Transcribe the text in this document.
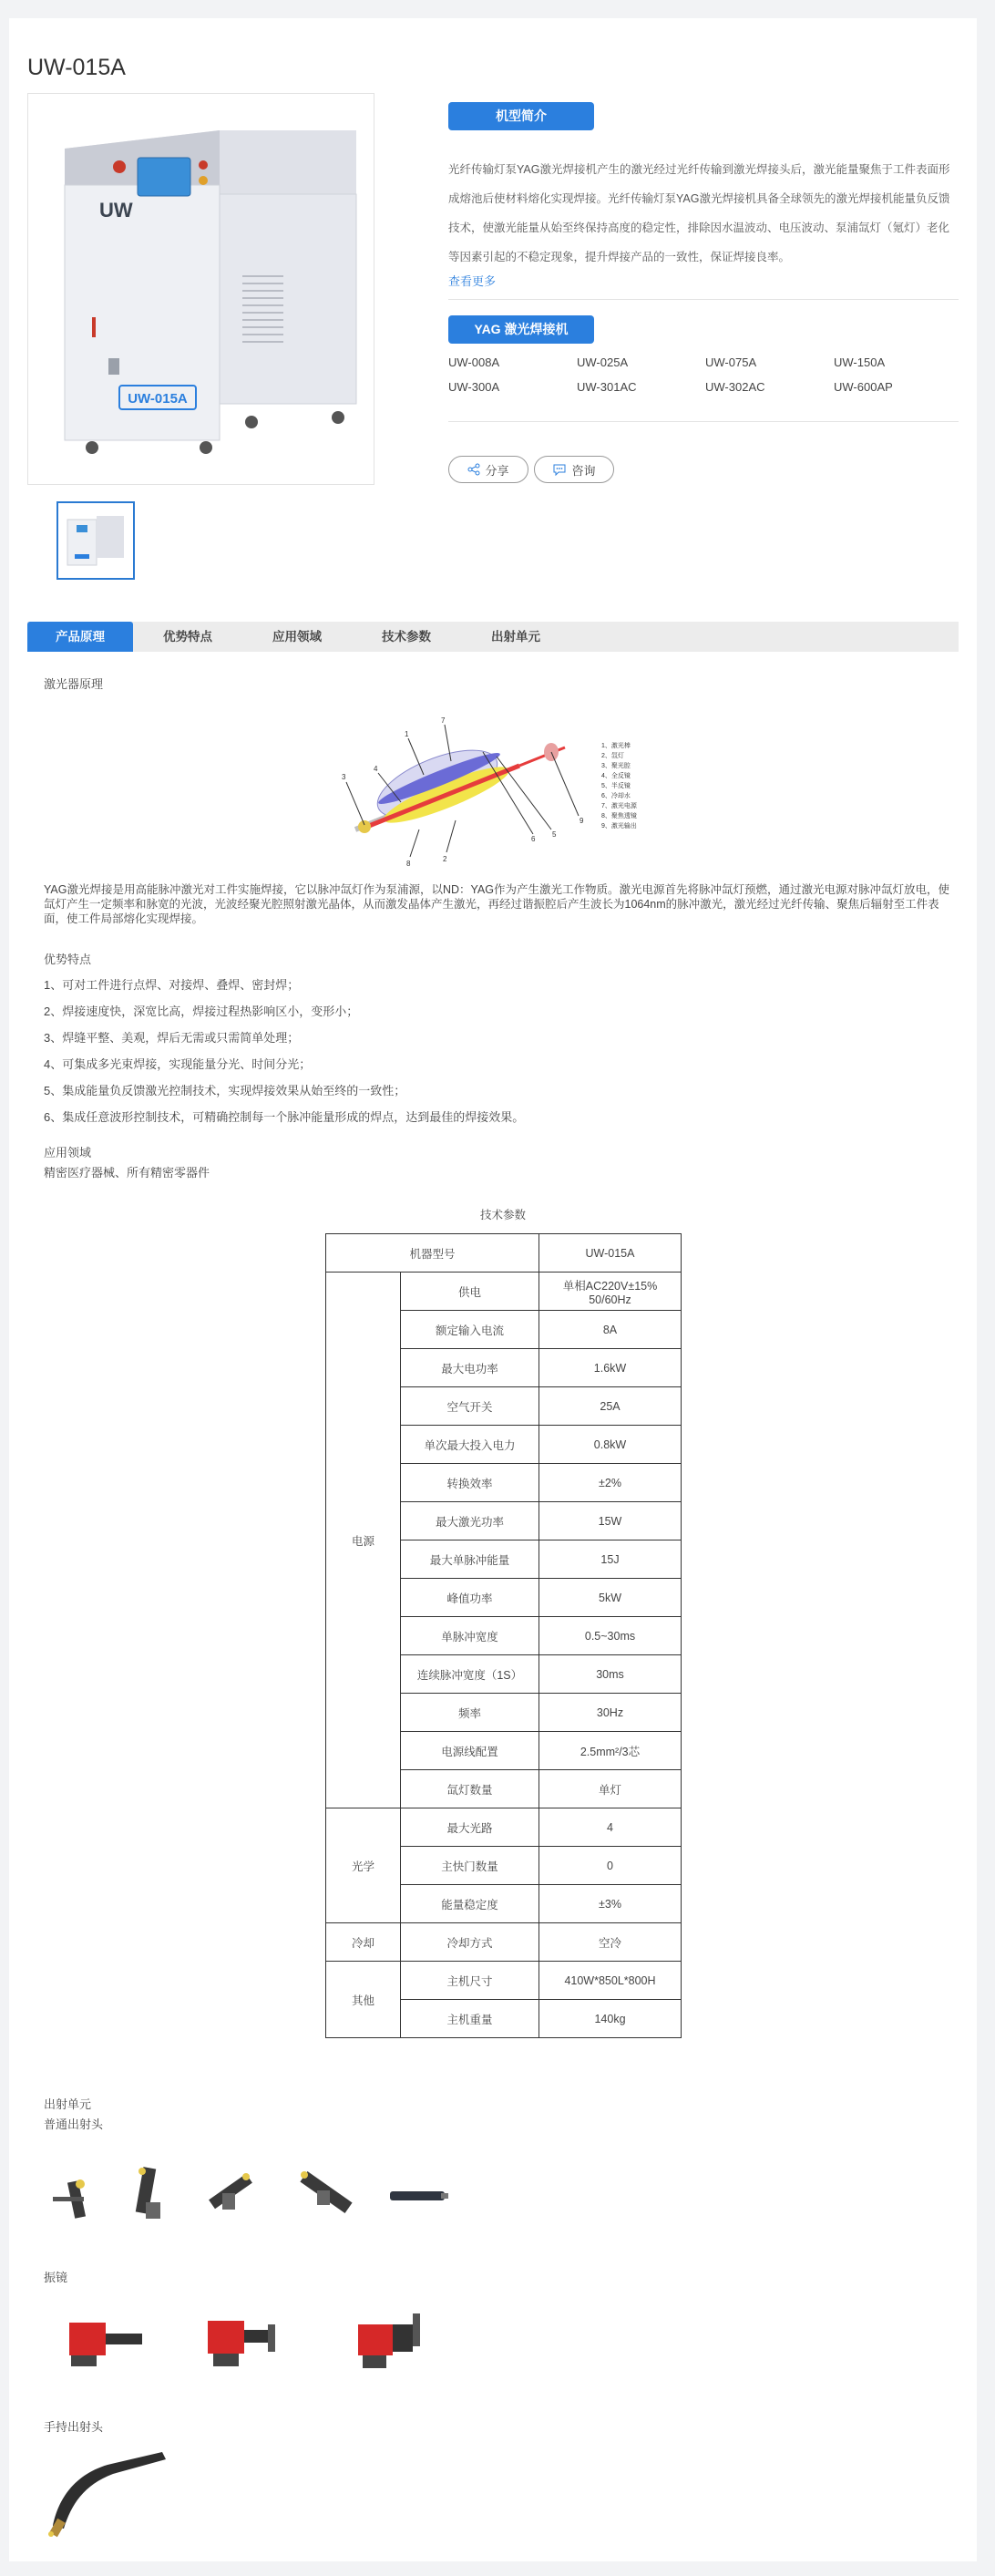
UW-015A
UW-015A
UW
机型简介
光纤传输灯泵YAG激光焊接机产生的激光经过光纤传输到激光焊接头后，激光能量聚焦于工件表面形成熔池后使材料熔化实现焊接。光纤传输灯泵YAG激光焊接机具备全球领先的激光焊接机能量负反馈技术，使激光能量从始至终保持高度的稳定性，排除因水温波动、电压波动、泵浦氙灯（氪灯）老化等因素引起的不稳定现象，提升焊接产品的一致性，保证焊接良率。
查看更多
YAG 激光焊接机
UW-008A	UW-025A	UW-075A	UW-150A
UW-300A	UW-301AC	UW-302AC	UW-600AP
分享	咨询
产品原理	优势特点	应用领域	技术参数	出射单元
激光器原理
3
4
1
7
6
5
9
2
8
1、激光棒
2、氙灯
3、聚光腔
4、全反镜
5、半反镜
6、冷却水
7、激光电源
8、聚焦透镜
9、激光输出
YAG激光焊接是用高能脉冲激光对工件实施焊接，它以脉冲氙灯作为泵浦源，以ND：YAG作为产生激光工作物质。激光电源首先将脉冲氙灯预燃，通过激光电源对脉冲氙灯放电，使氙灯产生一定频率和脉宽的光波，光波经聚光腔照射激光晶体，从而激发晶体产生激光，再经过谐振腔后产生波长为1064nm的脉冲激光，激光经过光纤传输、聚焦后辐射至工件表面，使工件局部熔化实现焊接。
优势特点
1、可对工件进行点焊、对接焊、叠焊、密封焊；
2、焊接速度快，深宽比高，焊接过程热影响区小，变形小；
3、焊缝平整、美观，焊后无需或只需简单处理；
4、可集成多光束焊接，实现能量分光、时间分光；
5、集成能量负反馈激光控制技术，实现焊接效果从始至终的一致性；
6、集成任意波形控制技术，可精确控制每一个脉冲能量形成的焊点，达到最佳的焊接效果。
应用领域
精密医疗器械、所有精密零器件
技术参数
机器型号		UW-015A
电源	供电	单相AC220V±15%
50/60Hz
	额定输入电流	8A
	最大电功率	1.6kW
	空气开关	25A
	单次最大投入电力	0.8kW
	转换效率	±2%
	最大激光功率	15W
	最大单脉冲能量	15J
	峰值功率	5kW
	单脉冲宽度	0.5~30ms
	连续脉冲宽度（1S）	30ms
	频率	30Hz
	电源线配置	2.5mm²/3芯
	氙灯数量	单灯
光学	最大光路	4
	主快门数量	0
	能量稳定度	±3%
冷却	冷却方式	空冷
其他	主机尺寸	410W*850L*800H
	主机重量	140kg
出射单元
普通出射头
振镜
手持出射头
